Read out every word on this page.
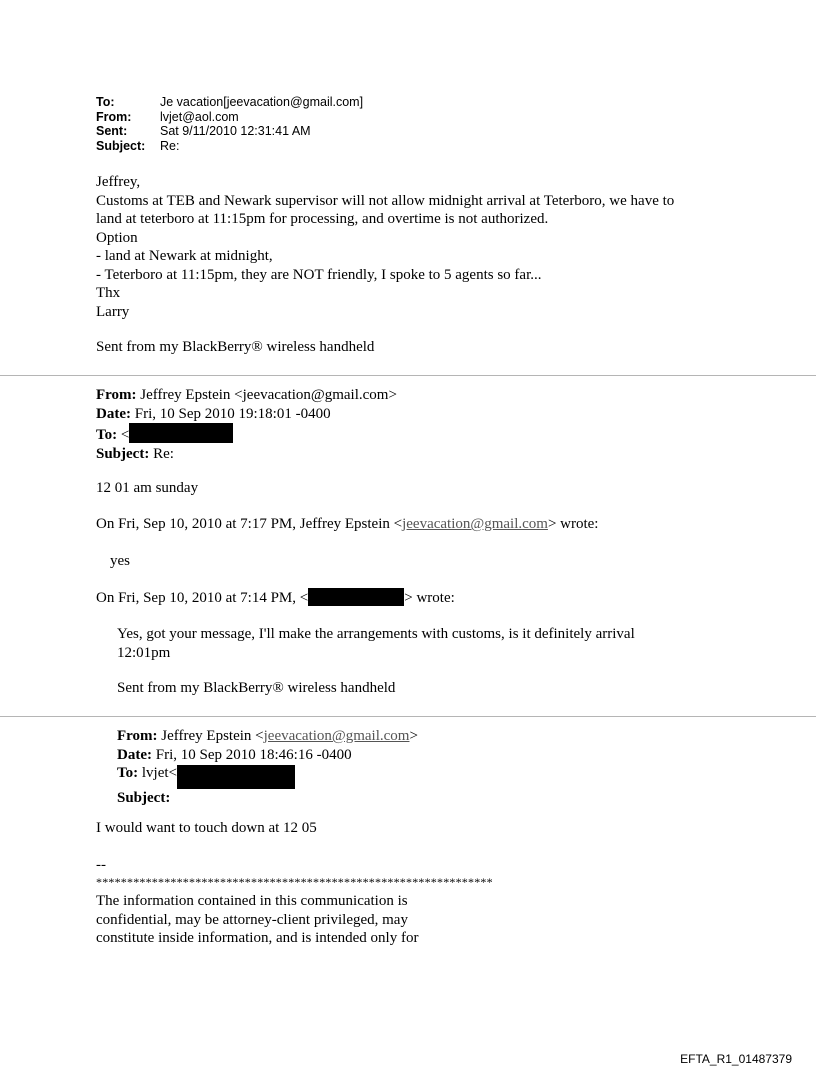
To:	Je vacation[jeevacation@gmail.com]
From:	lvjet@aol.com
Sent:	Sat 9/11/2010 12:31:41 AM
Subject:	Re:

Jeffrey,

Customs at TEB and Newark supervisor will not allow midnight arrival at Teterboro, we have to

land at teterboro at 11:15pm for processing, and overtime is not authorized.

Option

- land at Newark at midnight,

- Teterboro at 11:15pm, they are NOT friendly, I spoke to 5 agents so far...

Thx

Larry

Sent from my BlackBerry® wireless handheld

From: Jeffrey Epstein <jeevacation@gmail.com>

Date: Fri, 10 Sep 2010 19:18:01 -0400

To: <

Subject: Re:

12 01 am sunday
On Fri, Sep 10, 2010 at 7:17 PM, Jeffrey Epstein <jeevacation@gmail.com> wrote:
yes
On Fri, Sep 10, 2010 at 7:14 PM, <	> wrote:

Yes, got your message, I'll make the arrangements with customs, is it definitely arrival

12:01pm

Sent from my BlackBerry® wireless handheld

From: Jeffrey Epstein <jeevacation@gmail.com>

Date: Fri, 10 Sep 2010 18:46:16 -0400

To: lvjet<

Subject:

I would want to touch down at 12 05
--
****************************************************************

The information contained in this communication is

confidential, may be attorney-client privileged, may

constitute inside information, and is intended only for

EFTA_R1_01487379
